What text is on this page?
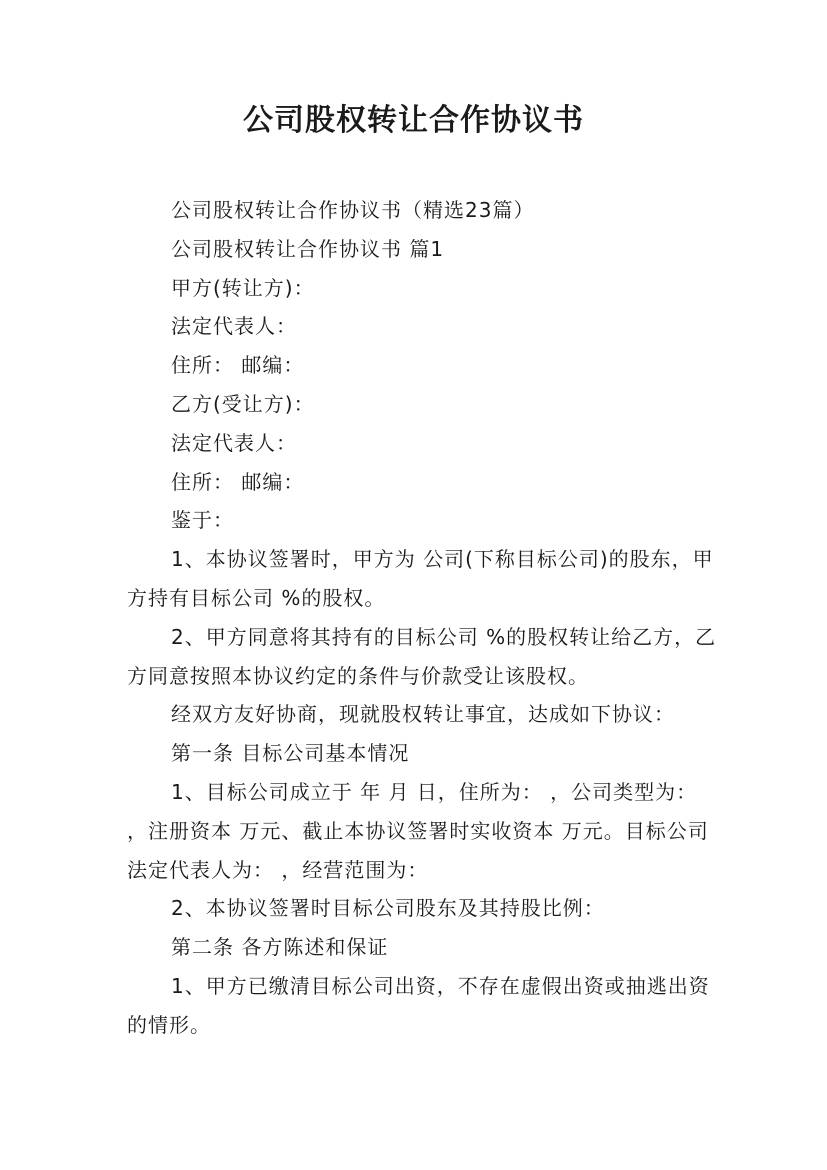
公司股权转让合作协议书

公司股权转让合作协议书（精选23篇）

公司股权转让合作协议书 篇1

甲方(转让方)：

法定代表人：

住所： 邮编：

乙方(受让方)：

法定代表人：

住所： 邮编：

鉴于：

1、本协议签署时，甲方为 公司(下称目标公司)的股东，甲方持有目标公司 %的股权。

2、甲方同意将其持有的目标公司 %的股权转让给乙方，乙方同意按照本协议约定的条件与价款受让该股权。

经双方友好协商，现就股权转让事宜，达成如下协议：

第一条 目标公司基本情况

1、目标公司成立于 年 月 日，住所为： ，公司类型为： ，注册资本 万元、截止本协议签署时实收资本 万元。目标公司法定代表人为： ，经营范围为：

2、本协议签署时目标公司股东及其持股比例：

第二条 各方陈述和保证

1、甲方已缴清目标公司出资，不存在虚假出资或抽逃出资的情形。
